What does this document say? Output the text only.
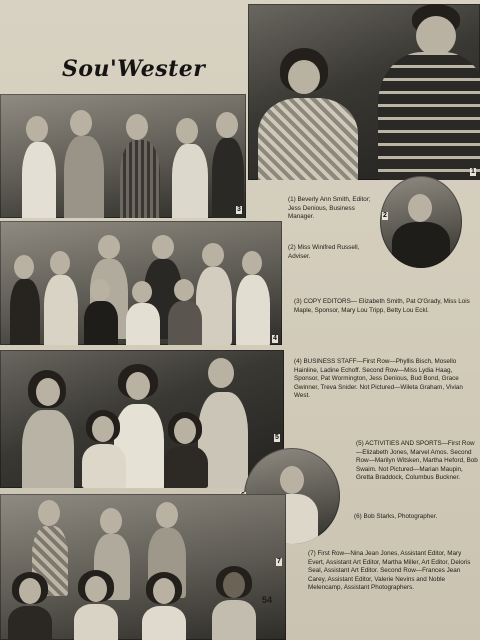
Sou'Wester
3
2
4
5
7
1
(1) Beverly Ann Smith, Editor; Jess Denious, Business Manager.
(2) Miss Winifred Russell, Adviser.
(3) COPY EDITORS— Elizabeth Smith, Pat O'Grady, Miss Lois Maple, Sponsor, Mary Lou Tripp, Betty Lou Eckl.
(4) BUSINESS STAFF—First Row—Phyllis Bisch, Mosello Hainline, Ladine Echoff. Second Row—Miss Lydia Haag, Sponsor, Pat Wormington, Jess Denious, Bud Bond, Grace Gwinner, Treva Snider. Not Pictured—Wileta Graham, Vivian West.
(5) ACTIVITIES AND SPORTS—First Row—Elizabeth Jones, Marvel Amos. Second Row—Marilyn Witsken, Martha Heford, Bob Swaim. Not Pictured—Marian Maupin, Gretta Braddock, Columbus Buckner.
(6) Bob Starks, Photographer.
(7) First Row—Nina Jean Jones, Assistant Editor, Mary Evert, Assistant Art Editor, Martha Miller, Art Editor, Deloris Seal, Assistant Art Editor. Second Row—Frances Jean Carey, Assistant Editor, Valerie Nevins and Noble Melencamp, Assistant Photographers.
54
